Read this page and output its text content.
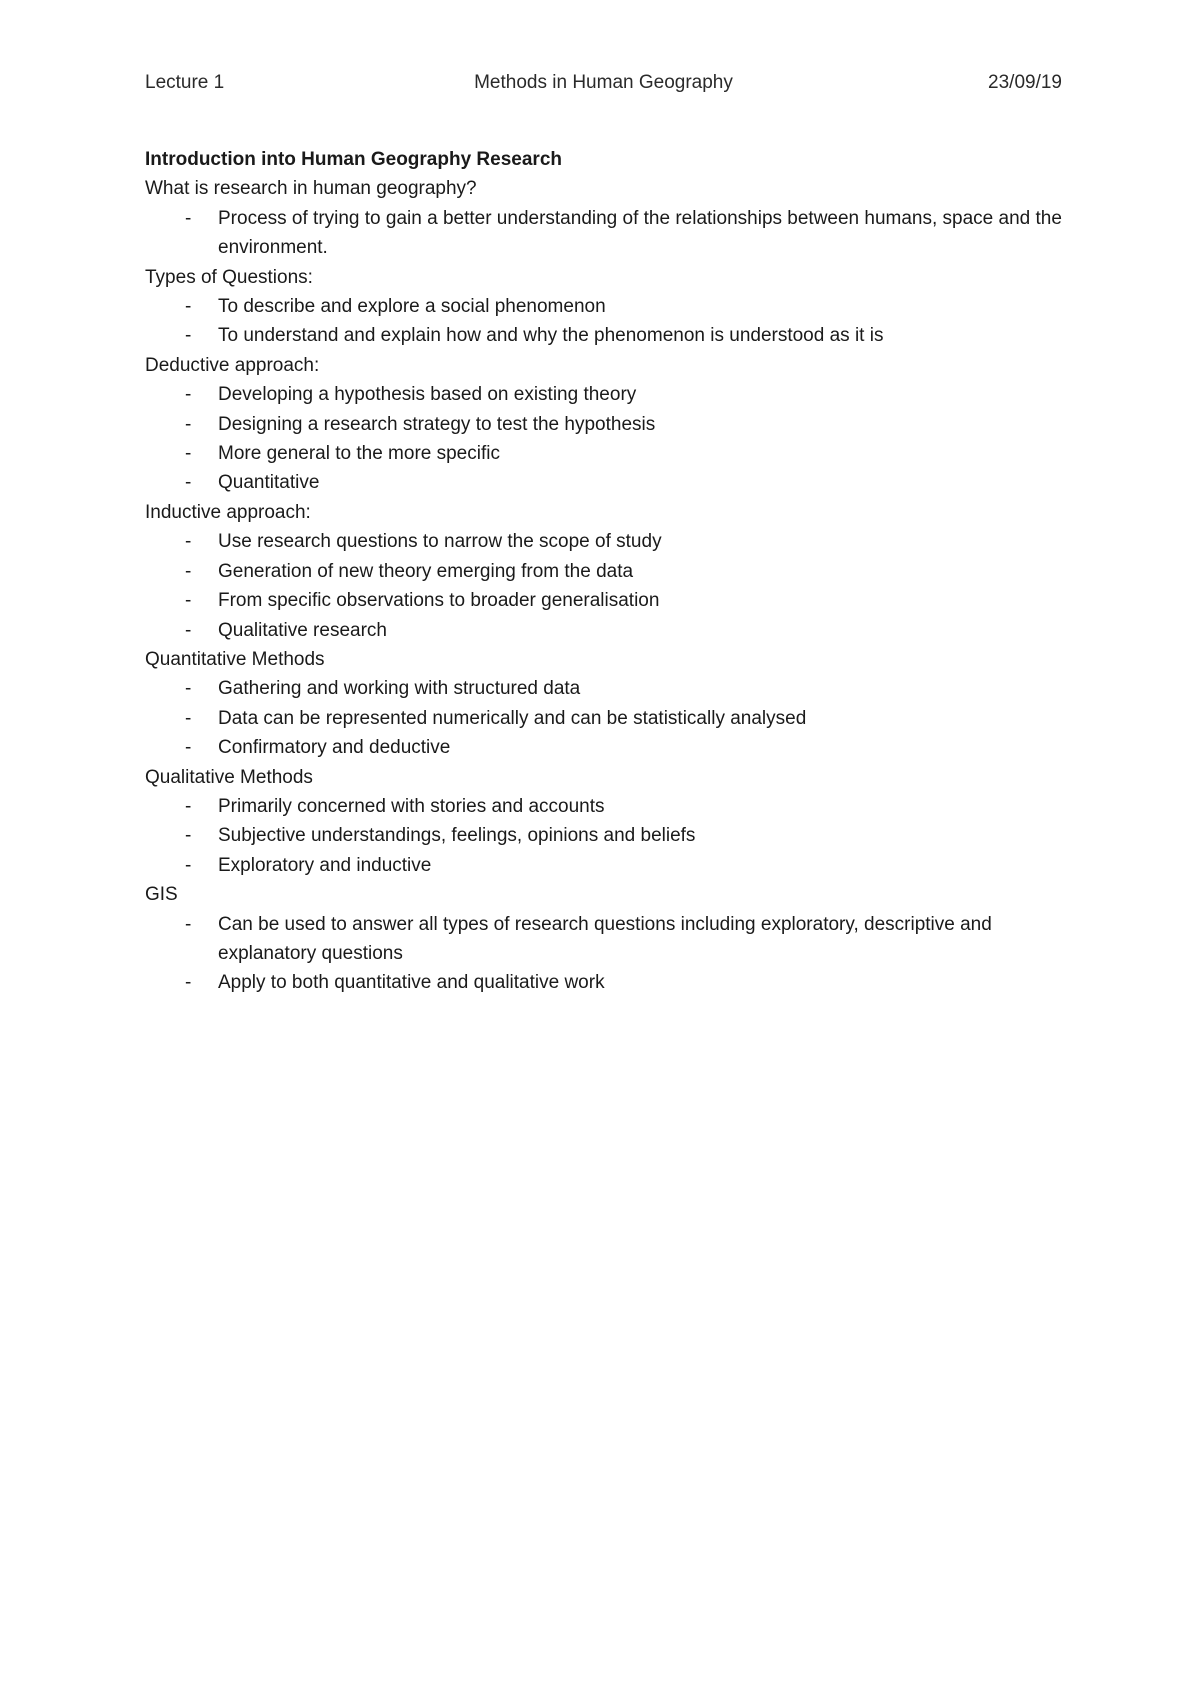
Lecture 1	Methods in Human Geography	23/09/19
Introduction into Human Geography Research
What is research in human geography?
- Process of trying to gain a better understanding of the relationships between humans, space and the environment.
Types of Questions:
- To describe and explore a social phenomenon
- To understand and explain how and why the phenomenon is understood as it is
Deductive approach:
- Developing a hypothesis based on existing theory
- Designing a research strategy to test the hypothesis
- More general to the more specific
- Quantitative
Inductive approach:
- Use research questions to narrow the scope of study
- Generation of new theory emerging from the data
- From specific observations to broader generalisation
- Qualitative research
Quantitative Methods
- Gathering and working with structured data
- Data can be represented numerically and can be statistically analysed
- Confirmatory and deductive
Qualitative Methods
- Primarily concerned with stories and accounts
- Subjective understandings, feelings, opinions and beliefs
- Exploratory and inductive
GIS
- Can be used to answer all types of research questions including exploratory, descriptive and explanatory questions
- Apply to both quantitative and qualitative work
